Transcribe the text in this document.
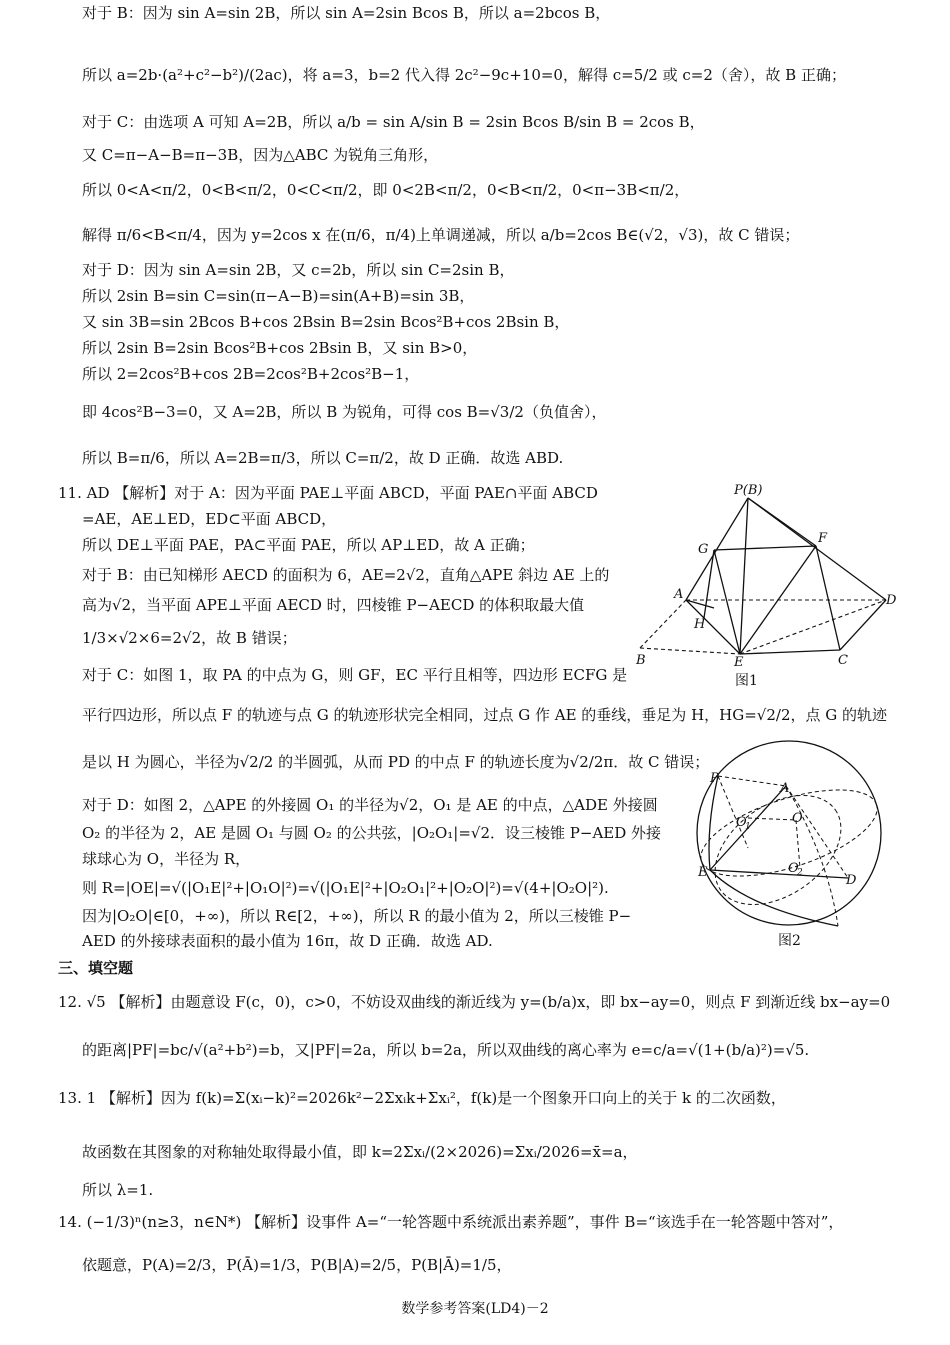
对于 B：因为 sin A=sin 2B，所以 sin A=2sin Bcos B，所以 a=2bcos B，
所以 a=2b·(a²+c²−b²)/(2ac)，将 a=3，b=2 代入得 2c²−9c+10=0，解得 c=5/2 或 c=2（舍），故 B 正确；
对于 C：由选项 A 可知 A=2B，所以 a/b = sin A/sin B = 2sin Bcos B/sin B = 2cos B，
又 C=π−A−B=π−3B，因为△ABC 为锐角三角形，
所以 0<A<π/2，0<B<π/2，0<C<π/2，即 0<2B<π/2，0<B<π/2，0<π−3B<π/2，
解得 π/6<B<π/4，因为 y=2cos x 在(π/6，π/4)上单调递减，所以 a/b=2cos B∈(√2，√3)，故 C 错误；
对于 D：因为 sin A=sin 2B，又 c=2b，所以 sin C=2sin B，
所以 2sin B=sin C=sin(π−A−B)=sin(A+B)=sin 3B，
又 sin 3B=sin 2Bcos B+cos 2Bsin B=2sin Bcos²B+cos 2Bsin B，
所以 2sin B=2sin Bcos²B+cos 2Bsin B，又 sin B>0，
所以 2=2cos²B+cos 2B=2cos²B+2cos²B−1，
即 4cos²B−3=0，又 A=2B，所以 B 为锐角，可得 cos B=√3/2（负值舍），
所以 B=π/6，所以 A=2B=π/3，所以 C=π/2，故 D 正确．故选 ABD.
11. AD 【解析】对于 A：因为平面 PAE⊥平面 ABCD，平面 PAE∩平面 ABCD
=AE，AE⊥ED，ED⊂平面 ABCD，
所以 DE⊥平面 PAE，PA⊂平面 PAE，所以 AP⊥ED，故 A 正确；
对于 B：由已知梯形 AECD 的面积为 6，AE=2√2，直角△APE 斜边 AE 上的
高为√2，当平面 APE⊥平面 AECD 时，四棱锥 P−AECD 的体积取最大值
1/3×√2×6=2√2，故 B 错误；
对于 C：如图 1，取 PA 的中点为 G，则 GF，EC 平行且相等，四边形 ECFG 是
平行四边形，所以点 F 的轨迹与点 G 的轨迹形状完全相同，过点 G 作 AE 的垂线，垂足为 H，HG=√2/2，点 G 的轨迹
是以 H 为圆心，半径为√2/2 的半圆弧，从而 PD 的中点 F 的轨迹长度为√2/2π．故 C 错误；
对于 D：如图 2，△APE 的外接圆 O₁ 的半径为√2，O₁ 是 AE 的中点，△ADE 外接圆
O₂ 的半径为 2，AE 是圆 O₁ 与圆 O₂ 的公共弦，|O₂O₁|=√2．设三棱锥 P−AED 外接
球球心为 O，半径为 R，
则 R=|OE|=√(|O₁E|²+|O₁O|²)=√(|O₁E|²+|O₂O₁|²+|O₂O|²)=√(4+|O₂O|²).
因为|O₂O|∈[0，+∞)，所以 R∈[2，+∞)，所以 R 的最小值为 2，所以三棱锥 P−
AED 的外接球表面积的最小值为 16π，故 D 正确．故选 AD.
三、填空题
12. √5 【解析】由题意设 F(c，0)，c>0，不妨设双曲线的渐近线为 y=(b/a)x，即 bx−ay=0，则点 F 到渐近线 bx−ay=0
的距离|PF|=bc/√(a²+b²)=b，又|PF|=2a，所以 b=2a，所以双曲线的离心率为 e=c/a=√(1+(b/a)²)=√5.
13. 1 【解析】因为 f(k)=Σ(xᵢ−k)²=2026k²−2Σxᵢk+Σxᵢ²，f(k)是一个图象开口向上的关于 k 的二次函数，
故函数在其图象的对称轴处取得最小值，即 k=2Σxᵢ/(2×2026)=Σxᵢ/2026=x̄=a，
所以 λ=1.
14. (−1/3)ⁿ(n≥3，n∈N*) 【解析】设事件 A=“一轮答题中系统派出素养题”，事件 B=“该选手在一轮答题中答对”，
依题意，P(A)=2/3，P(Ā)=1/3，P(B|A)=2/5，P(B|Ā)=1/5，
P(B)
G
F
A	D
H
B	E	C
图1
P
A
O
1
O
O
2
E
D
图2
数学参考答案(LD4)－2
